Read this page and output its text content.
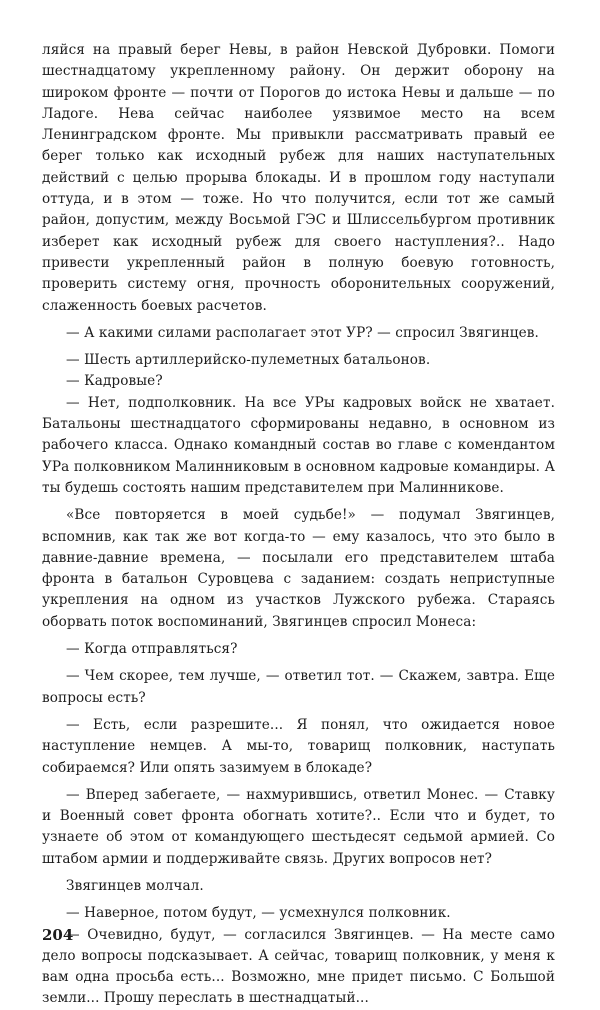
ляйся на правый берег Невы, в район Невской Дубровки. Помоги шестнадцатому укрепленному району. Он держит оборону на широком фронте — почти от Порогов до истока Невы и дальше — по Ладоге. Нева сейчас наиболее уязвимое место на всем Ленинградском фронте. Мы привыкли рассматривать правый ее берег только как исходный рубеж для наших наступательных действий с целью прорыва блокады. И в прошлом году наступали оттуда, и в этом — тоже. Но что получится, если тот же самый район, допустим, между Восьмой ГЭС и Шлиссельбургом противник изберет как исходный рубеж для своего наступления?.. Надо привести укрепленный район в полную боевую готовность, проверить систему огня, прочность оборонительных сооружений, слаженность боевых расчетов.

— А какими силами располагает этот УР? — спросил Звягинцев.

— Шесть артиллерийско-пулеметных батальонов.

— Кадровые?

— Нет, подполковник. На все УРы кадровых войск не хватает. Батальоны шестнадцатого сформированы недавно, в основном из рабочего класса. Однако командный состав во главе с комендантом УРа полковником Малинниковым в основном кадровые командиры. А ты будешь состоять нашим представителем при Малинникове.

«Все повторяется в моей судьбе!» — подумал Звягинцев, вспомнив, как так же вот когда-то — ему казалось, что это было в давние-давние времена, — посылали его представителем штаба фронта в батальон Суровцева с заданием: создать неприступные укрепления на одном из участков Лужского рубежа. Стараясь оборвать поток воспоминаний, Звягинцев спросил Монеса:

— Когда отправляться?

— Чем скорее, тем лучше, — ответил тот. — Скажем, завтра. Еще вопросы есть?

— Есть, если разрешите... Я понял, что ожидается новое наступление немцев. А мы-то, товарищ полковник, наступать собираемся? Или опять зазимуем в блокаде?

— Вперед забегаете, — нахмурившись, ответил Монес. — Ставку и Военный совет фронта обогнать хотите?.. Если что и будет, то узнаете об этом от командующего шестьдесят седьмой армией. Со штабом армии и поддерживайте связь. Других вопросов нет?

Звягинцев молчал.

— Наверное, потом будут, — усмехнулся полковник.

— Очевидно, будут, — согласился Звягинцев. — На месте само дело вопросы подсказывает. А сейчас, товарищ полковник, у меня к вам одна просьба есть... Возможно, мне придет письмо. С Большой земли... Прошу переслать в шестнадцатый...

204
